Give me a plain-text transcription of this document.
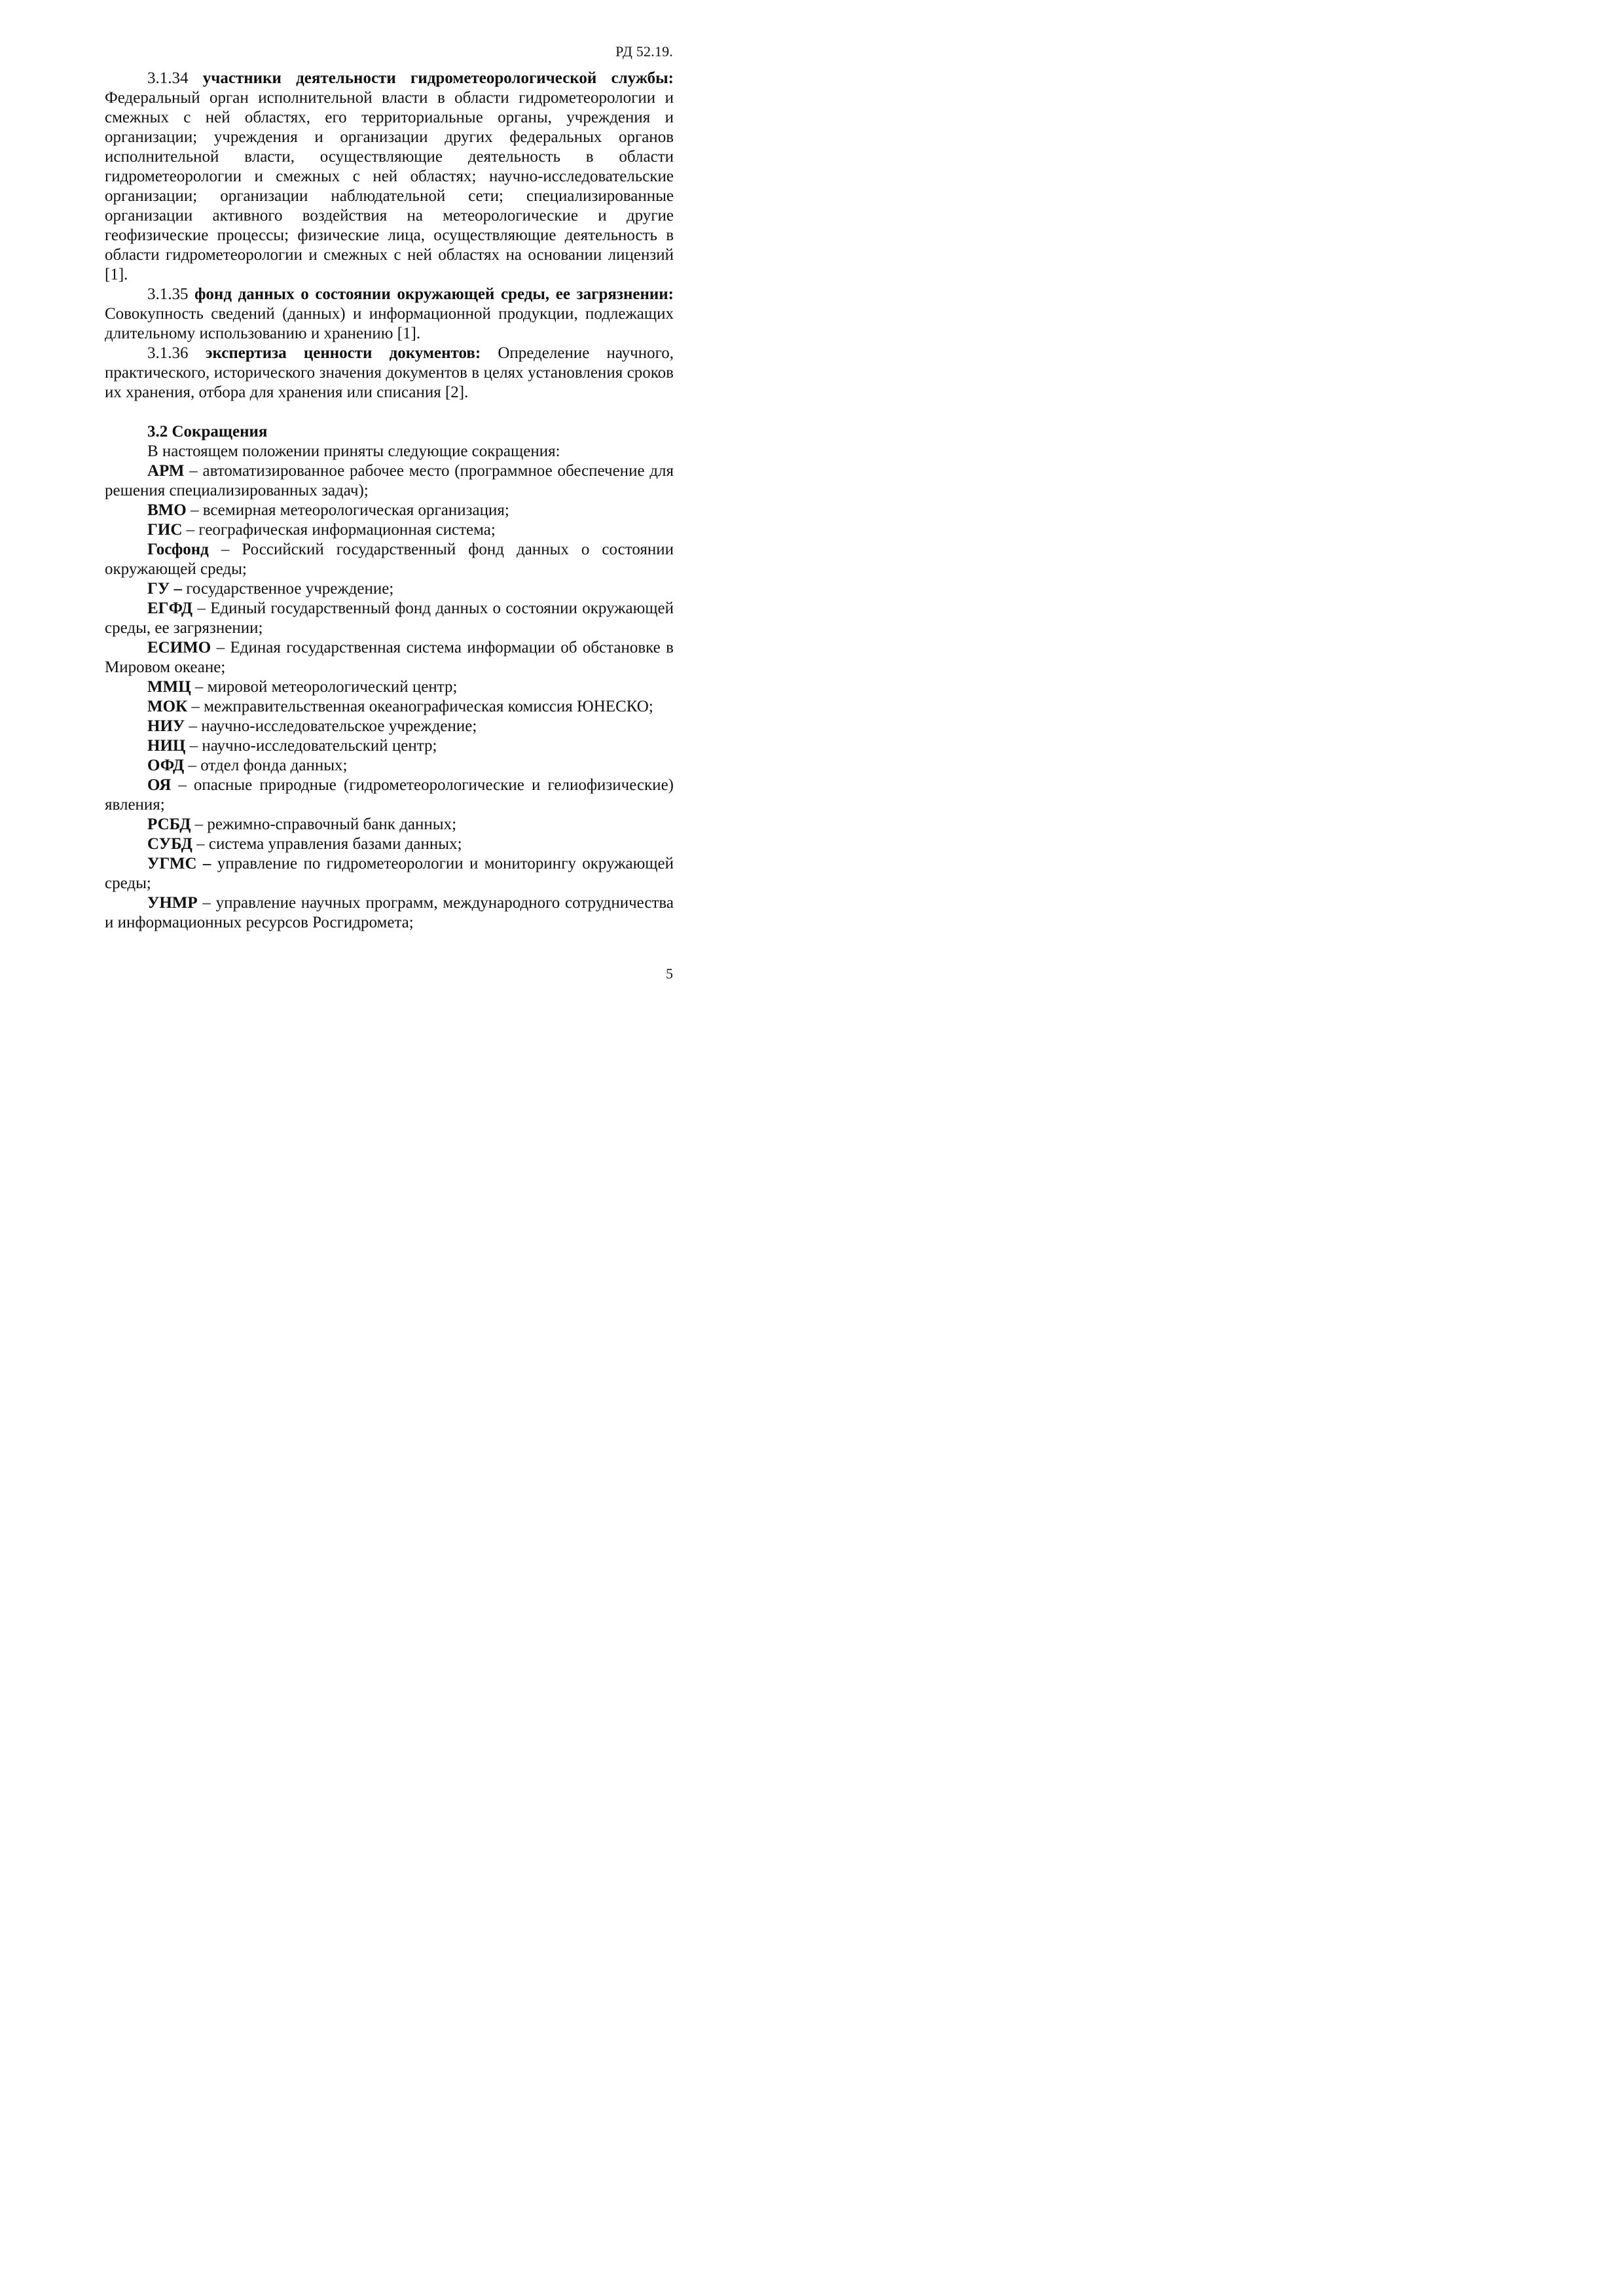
РД 52.19.

3.1.34 участники деятельности гидрометеорологической службы: Федеральный орган исполнительной власти в области гидрометеорологии и смежных с ней областях, его территориальные органы, учреждения и организации; учреждения и организации других федеральных органов исполнительной власти, осуществляющие деятельность в области гидрометеорологии и смежных с ней областях; научно-исследовательские организации; организации наблюдательной сети; специализированные организации активного воздействия на метеорологические и другие геофизические процессы; физические лица, осуществляющие деятельность в области гидрометеорологии и смежных с ней областях на основании лицензий [1].

3.1.35 фонд данных о состоянии окружающей среды, ее загрязнении: Совокупность сведений (данных) и информационной продукции, подлежащих длительному использованию и хранению [1].

3.1.36 экспертиза ценности документов: Определение научного, практического, исторического значения документов в целях установления сроков их хранения, отбора для хранения или списания [2].

3.2 Сокращения

В настоящем положении приняты следующие сокращения:

АРМ – автоматизированное рабочее место (программное обеспечение для решения специализированных задач);

ВМО – всемирная метеорологическая организация;

ГИС – географическая информационная система;

Госфонд – Российский государственный фонд данных о состоянии окружающей среды;

ГУ – государственное учреждение;

ЕГФД – Единый государственный фонд данных о состоянии окружающей среды, ее загрязнении;

ЕСИМО – Единая государственная система информации об обстановке в Мировом океане;

ММЦ – мировой метеорологический центр;

МОК – межправительственная океанографическая комиссия ЮНЕСКО;

НИУ – научно-исследовательское учреждение;

НИЦ – научно-исследовательский центр;

ОФД – отдел фонда данных;

ОЯ – опасные природные (гидрометеорологические и гелиофизические) явления;

РСБД – режимно-справочный банк данных;

СУБД – система управления базами данных;

УГМС – управление по гидрометеорологии и мониторингу окружающей среды;

УНМР – управление научных программ, международного сотрудничества и информационных ресурсов Росгидромета;

5
